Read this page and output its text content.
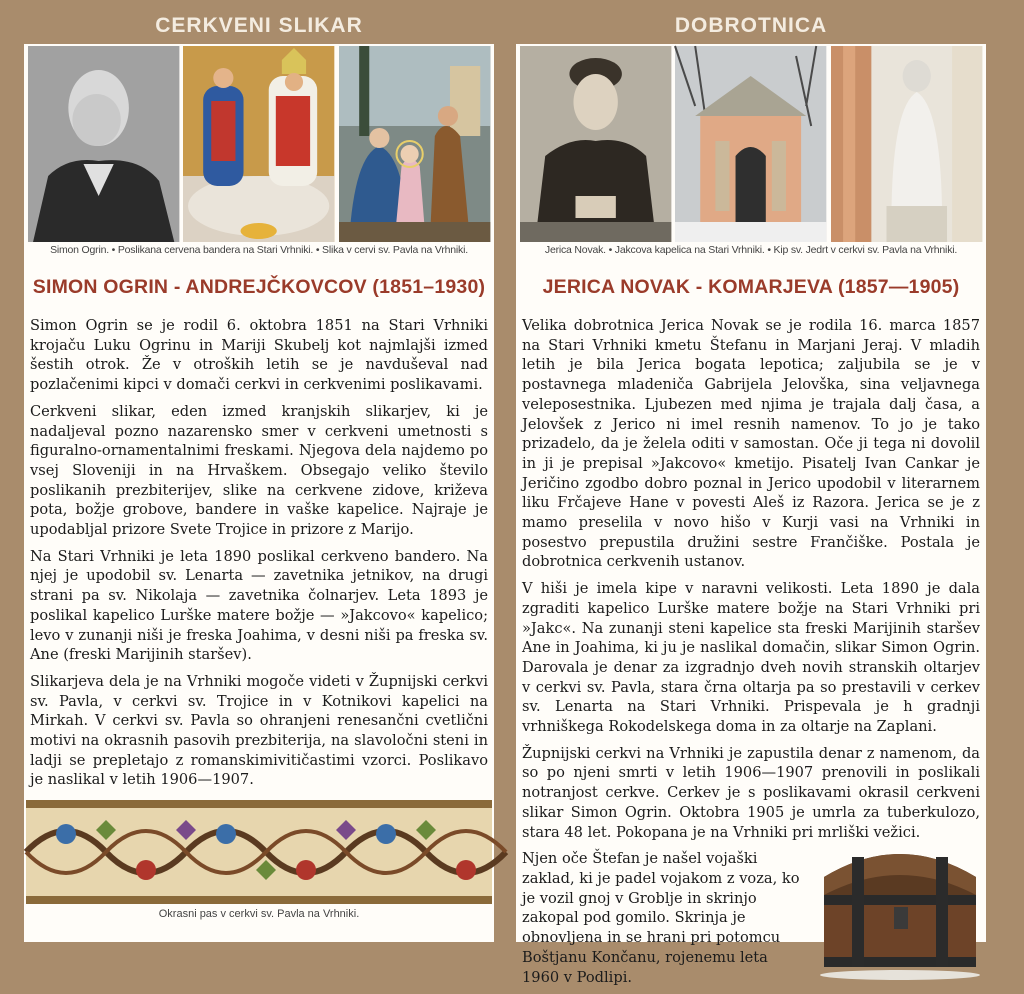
CERKVENI SLIKAR
Simon Ogrin. • Poslikana cervena bandera na Stari Vrhniki. • Slika v cervi sv. Pavla na Vrhniki.
SIMON OGRIN - ANDREJČKOVCOV (1851–1930)

Simon Ogrin se je rodil 6. oktobra 1851 na Stari Vrhniki krojaču Luku Ogrinu in Mariji Skubelj kot najmlajši izmed šestih otrok. Že v otroških letih se je navduševal nad pozlačenimi kipci v domači cerkvi in cerkvenimi poslikavami.

Cerkveni slikar, eden izmed kranjskih slikarjev, ki je nadaljeval pozno nazarensko smer v cerkveni umetnosti s figuralno-ornamentalnimi freskami. Njegova dela najdemo po vsej Sloveniji in na Hrvaškem. Obsegajo veliko število poslikanih prezbiterijev, slike na cerkvene zidove, križeva pota, božje grobove, bandere in vaške kapelice. Najraje je upodabljal prizore Svete Trojice in prizore z Marijo.

Na Stari Vrhniki je leta 1890 poslikal cerkveno bandero. Na njej je upodobil sv. Lenarta — zavetnika jetnikov, na drugi strani pa sv. Nikolaja — zavetnika čolnarjev. Leta 1893 je poslikal kapelico Lurške matere božje — »Jakcovo« kapelico; levo v zunanji niši je freska Joahima, v desni niši pa freska sv. Ane (freski Marijinih staršev).

Slikarjeva dela je na Vrhniki mogoče videti v Župnijski cerkvi sv. Pavla, v cerkvi sv. Trojice in v Kotnikovi kapelici na Mirkah. V cerkvi sv. Pavla so ohranjeni renesančni cvetlični motivi na okrasnih pasovih prezbiterija, na slavoločni steni in ladji se prepletajo z romanskimivitičastimi vzorci. Poslikavo je naslikal v letih 1906—1907.

Okrasni pas v cerkvi sv. Pavla na Vrhniki.
DOBROTNICA
Jerica Novak. • Jakcova kapelica na Stari Vrhniki. • Kip sv. Jedrt v cerkvi sv. Pavla na Vrhniki.
JERICA NOVAK - KOMARJEVA (1857—1905)

Velika dobrotnica Jerica Novak se je rodila 16. marca 1857 na Stari Vrhniki kmetu Štefanu in Marjani Jeraj. V mladih letih je bila Jerica bogata lepotica; zaljubila se je v postavnega mladeniča Gabrijela Jelovška, sina veljavnega veleposestnika. Ljubezen med njima je trajala dalj časa, a Jelovšek z Jerico ni imel resnih namenov. To jo je tako prizadelo, da je želela oditi v samostan. Oče ji tega ni dovolil in ji je prepisal »Jakcovo« kmetijo. Pisatelj Ivan Cankar je Jeričino zgodbo dobro poznal in Jerico upodobil v literarnem liku Frčajeve Hane v povesti Aleš iz Razora. Jerica se je z mamo preselila v novo hišo v Kurji vasi na Vrhniki in posestvo prepustila družini sestre Frančiške. Postala je dobrotnica cerkvenih ustanov.

V hiši je imela kipe v naravni velikosti. Leta 1890 je dala zgraditi kapelico Lurške matere božje na Stari Vrhniki pri »Jakc«. Na zunanji steni kapelice sta freski Marijinih staršev Ane in Joahima, ki ju je naslikal domačin, slikar Simon Ogrin. Darovala je denar za izgradnjo dveh novih stranskih oltarjev v cerkvi sv. Pavla, stara črna oltarja pa so prestavili v cerkev sv. Lenarta na Stari Vrhniki. Prispevala je h gradnji vrhniškega Rokodelskega doma in za oltarje na Zaplani.

Župnijski cerkvi na Vrhniki je zapustila denar z namenom, da so po njeni smrti v letih 1906—1907 prenovili in poslikali notranjost cerkve. Cerkev je s poslikavami okrasil cerkveni slikar Simon Ogrin. Oktobra 1905 je umrla za tuberkulozo, stara 48 let. Pokopana je na Vrhniki pri mrliški vežici.

Njen oče Štefan je našel vojaški zaklad, ki je padel vojakom z voza, ko je vozil gnoj v Groblje in skrinjo zakopal pod gomilo. Skrinja je obnovljena in se hrani pri potomcu Boštjanu Končanu, rojenemu leta 1960 v Podlipi.
